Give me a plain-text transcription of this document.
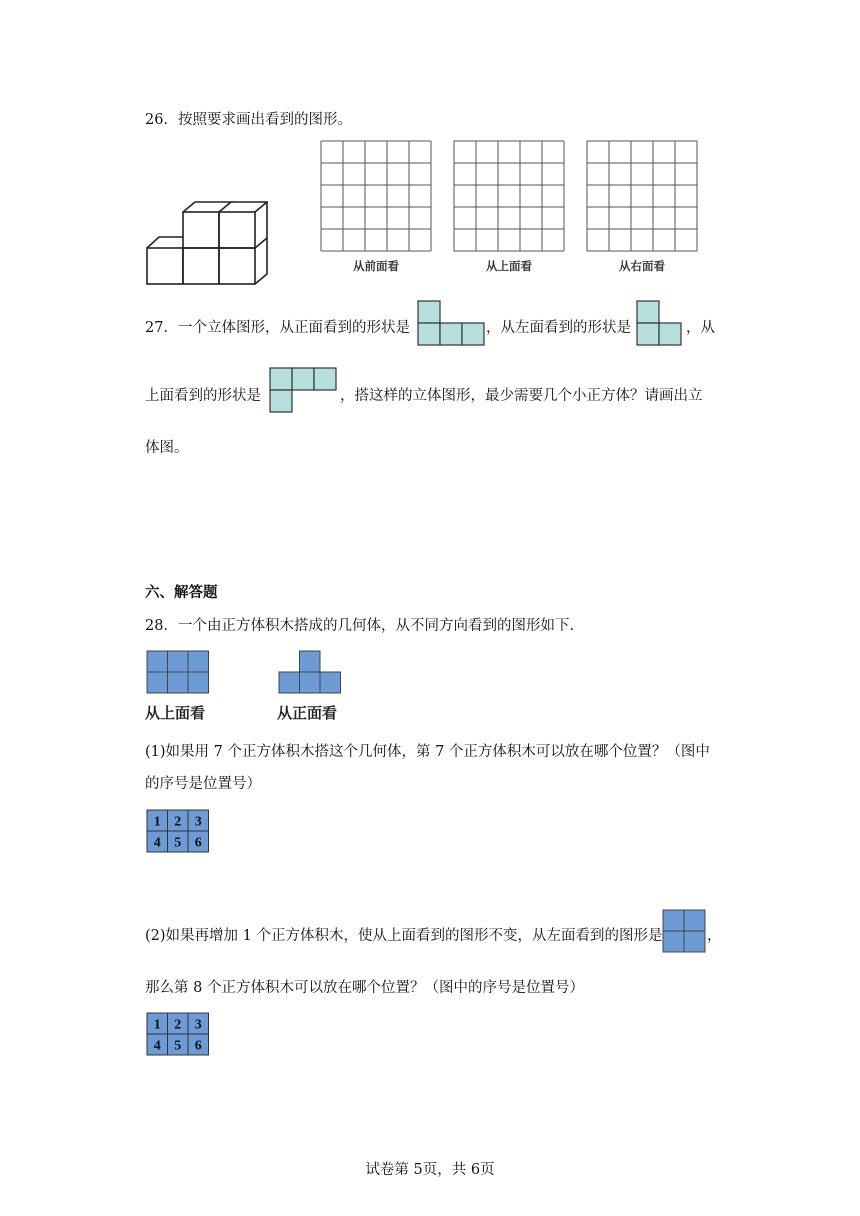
26．按照要求画出看到的图形。
从前面看	从上面看	从右面看
27．一个立体图形，从正面看到的形状是	，从左面看到的形状是	，从
上面看到的形状是	，搭这样的立体图形，最少需要几个小正方体？请画出立
体图。
六、解答题
28．一个由正方体积木搭成的几何体，从不同方向看到的图形如下.
从上面看	从正面看
(1)如果用 7 个正方体积木搭这个几何体，第 7 个正方体积木可以放在哪个位置？（图中
的序号是位置号）
1 2 3
4 5 6
(2)如果再增加 1 个正方体积木，使从上面看到的图形不变，从左面看到的图形是	，
那么第 8 个正方体积木可以放在哪个位置？（图中的序号是位置号）
1 2 3
4 5 6
试卷第 5页，共 6页
